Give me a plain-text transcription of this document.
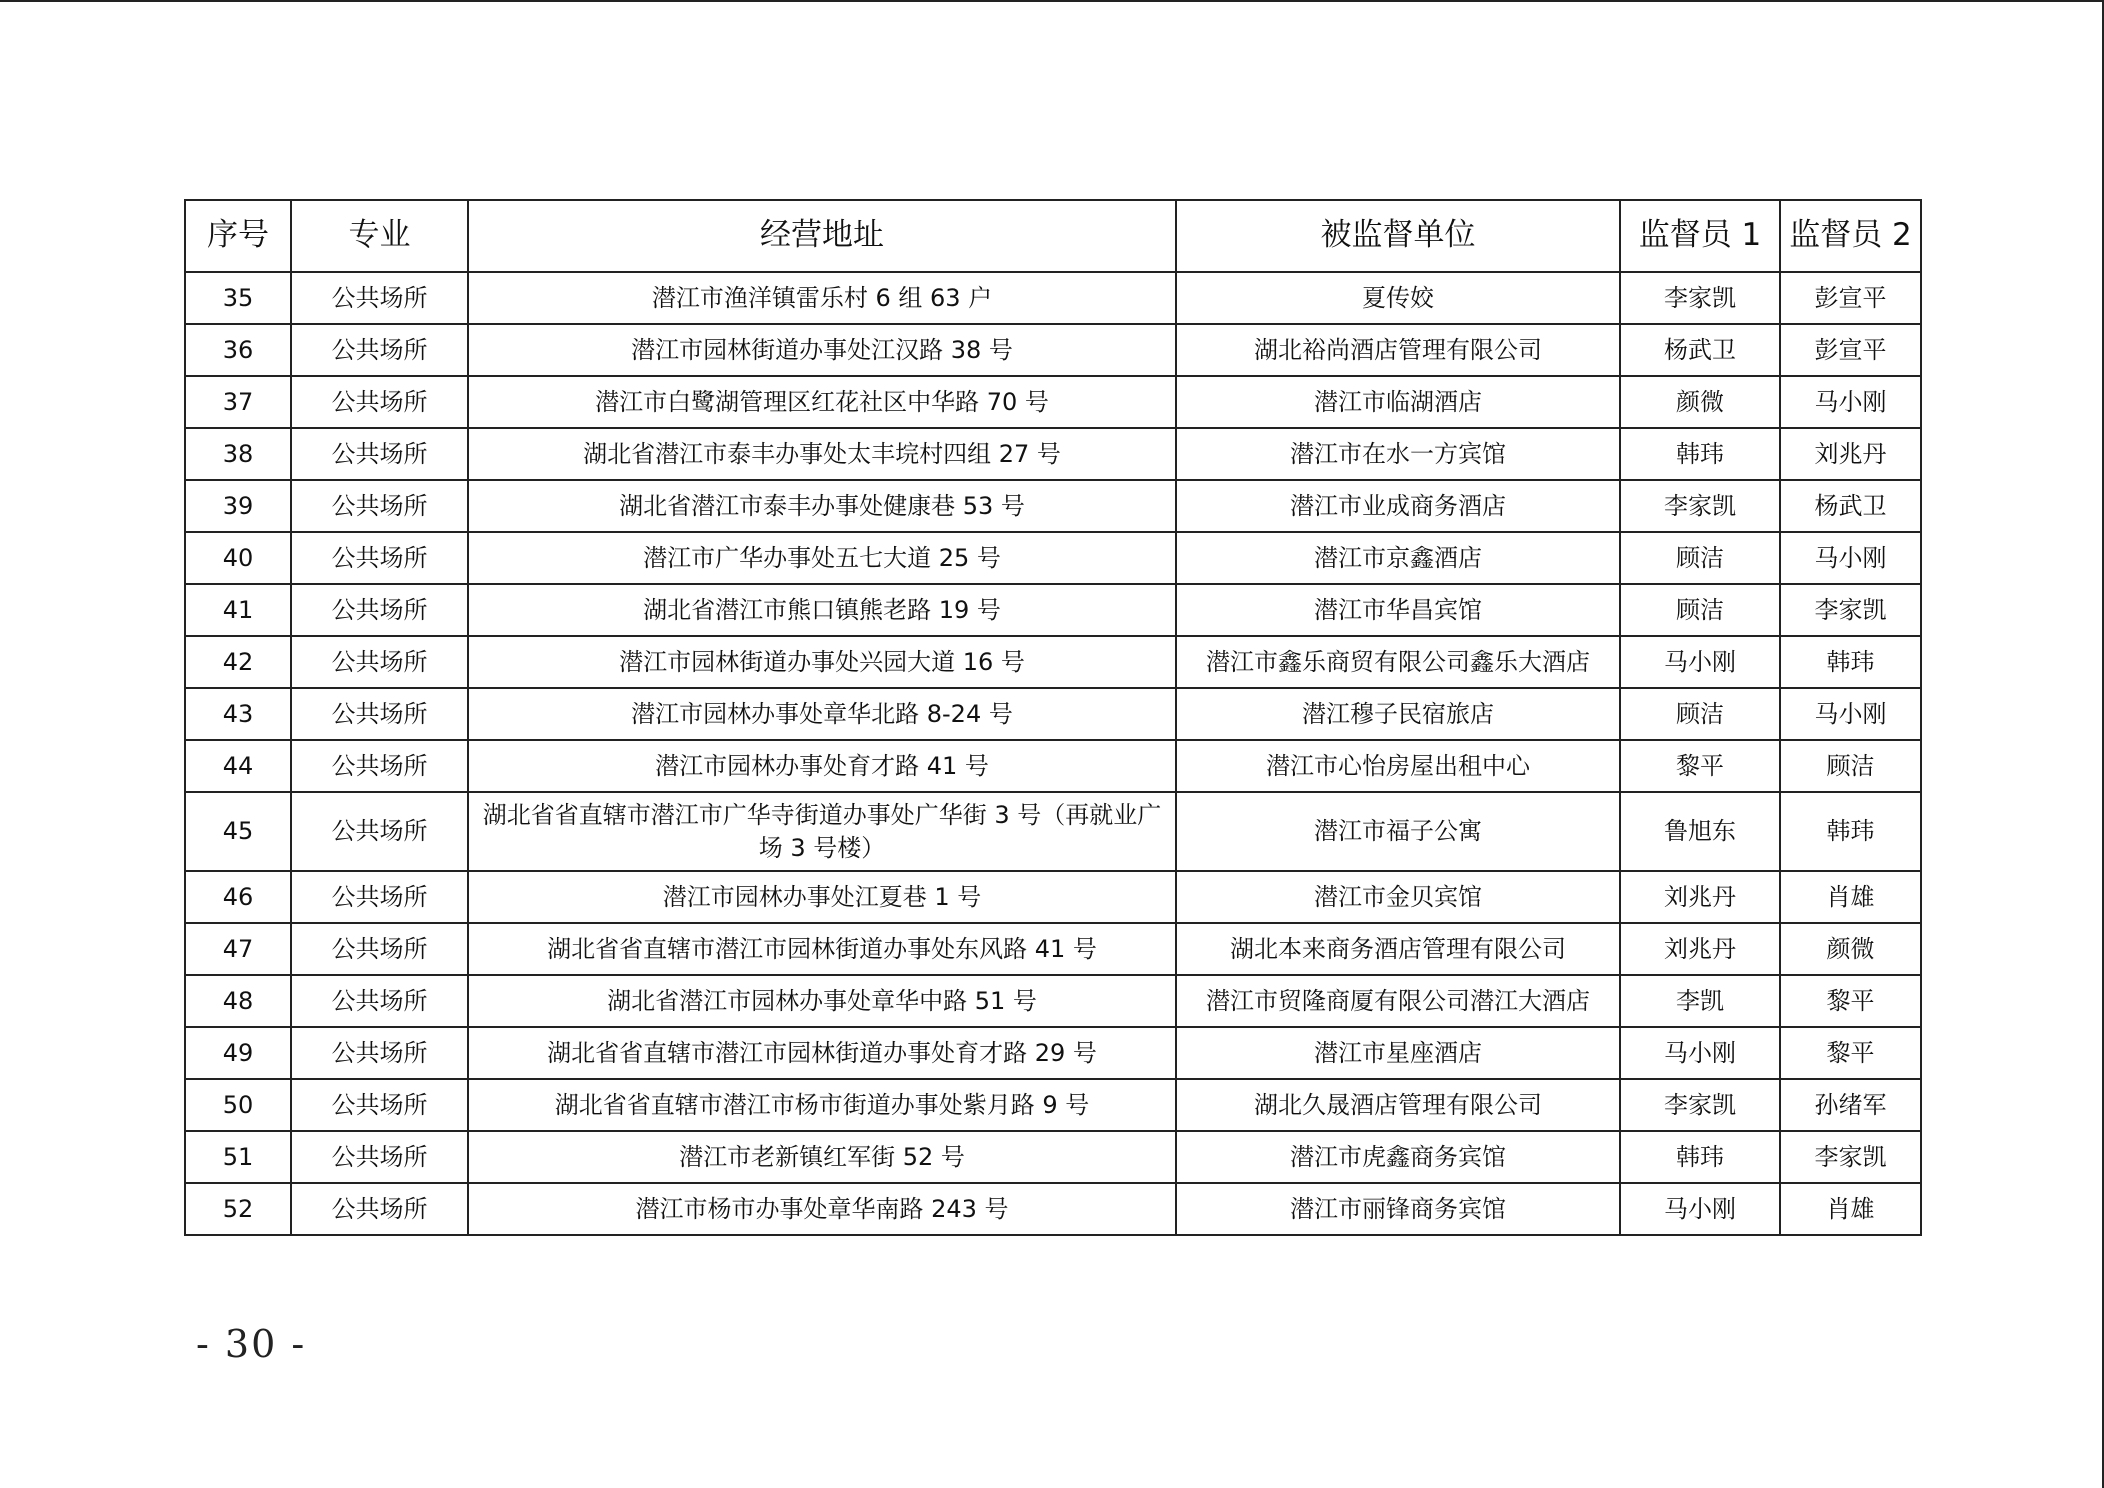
序号	专业	经营地址	被监督单位	监督员 1	监督员 2
35	公共场所	潜江市渔洋镇雷乐村 6 组 63 户	夏传姣	李家凯	彭宣平
36	公共场所	潜江市园林街道办事处江汉路 38 号	湖北裕尚酒店管理有限公司	杨武卫	彭宣平
37	公共场所	潜江市白鹭湖管理区红花社区中华路 70 号	潜江市临湖酒店	颜微	马小刚
38	公共场所	湖北省潜江市泰丰办事处太丰垸村四组 27 号	潜江市在水一方宾馆	韩玮	刘兆丹
39	公共场所	湖北省潜江市泰丰办事处健康巷 53 号	潜江市业成商务酒店	李家凯	杨武卫
40	公共场所	潜江市广华办事处五七大道 25 号	潜江市京鑫酒店	顾洁	马小刚
41	公共场所	湖北省潜江市熊口镇熊老路 19 号	潜江市华昌宾馆	顾洁	李家凯
42	公共场所	潜江市园林街道办事处兴园大道 16 号	潜江市鑫乐商贸有限公司鑫乐大酒店	马小刚	韩玮
43	公共场所	潜江市园林办事处章华北路 8-24 号	潜江穆子民宿旅店	顾洁	马小刚
44	公共场所	潜江市园林办事处育才路 41 号	潜江市心怡房屋出租中心	黎平	顾洁
45	公共场所	湖北省省直辖市潜江市广华寺街道办事处广华街 3 号（再就业广场 3 号楼）	潜江市福子公寓	鲁旭东	韩玮
46	公共场所	潜江市园林办事处江夏巷 1 号	潜江市金贝宾馆	刘兆丹	肖雄
47	公共场所	湖北省省直辖市潜江市园林街道办事处东风路 41 号	湖北本来商务酒店管理有限公司	刘兆丹	颜微
48	公共场所	湖北省潜江市园林办事处章华中路 51 号	潜江市贸隆商厦有限公司潜江大酒店	李凯	黎平
49	公共场所	湖北省省直辖市潜江市园林街道办事处育才路 29 号	潜江市星座酒店	马小刚	黎平
50	公共场所	湖北省省直辖市潜江市杨市街道办事处紫月路 9 号	湖北久晟酒店管理有限公司	李家凯	孙绪军
51	公共场所	潜江市老新镇红军街 52 号	潜江市虎鑫商务宾馆	韩玮	李家凯
52	公共场所	潜江市杨市办事处章华南路 243 号	潜江市丽锋商务宾馆	马小刚	肖雄
- 30 -
